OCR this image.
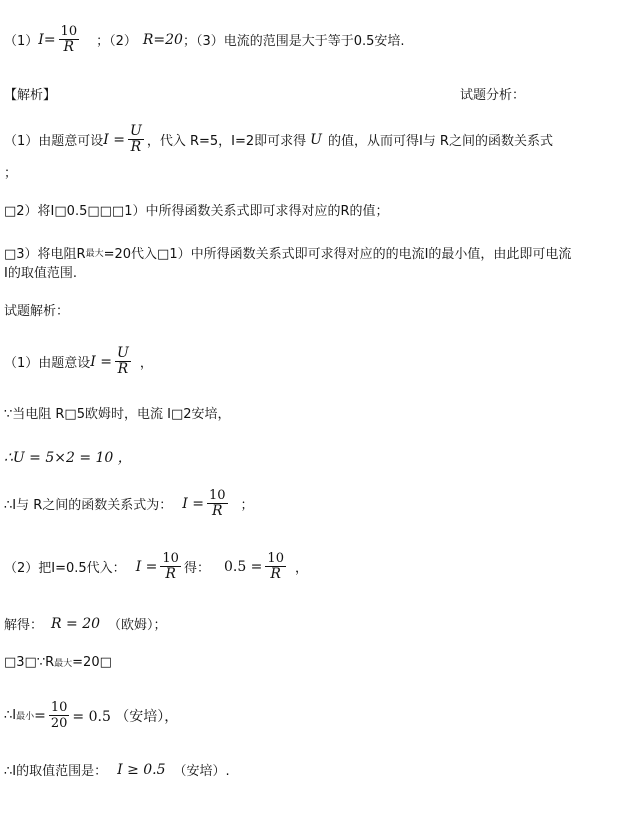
（1） $I = \frac{10}{R}$ ；（2） R=20 ；（3）电流的范围是大于等于0.5安培.
【解析】	试题分析：
（1）由题意可设 $I = \frac{U}{R}$ ，代入 R=5，I=2即可求得 U 的值，从而可得I与 R之间的函数关系式
；
□2）将I□0.5□□□1）中所得函数关系式即可求得对应的R的值；
□3）将电阻R 最大 =20代入□1）中所得函数关系式即可求得对应的的电流I的最小值，由此即可电流
I的取值范围.
试题解析：
（1）由题意设 $I = \frac{U}{R}$ ，
∵当电阻 R□5欧姆时，电流 I□2安培，
∴U = 5×2 = 10 ，
∴I与 R之间的函数关系式为： $I = \frac{10}{R}$ ；
（2）把I=0.5代入： $I = \frac{10}{R}$ 得： $0.5 = \frac{10}{R}$ ，
解得： R = 20 （欧姆）；
□3□∵R 最大 =20□
∴I 最小 = $\frac{10}{20} = 0.5$ （安培），
∴I的取值范围是： I ≥ 0.5 （安培）.
